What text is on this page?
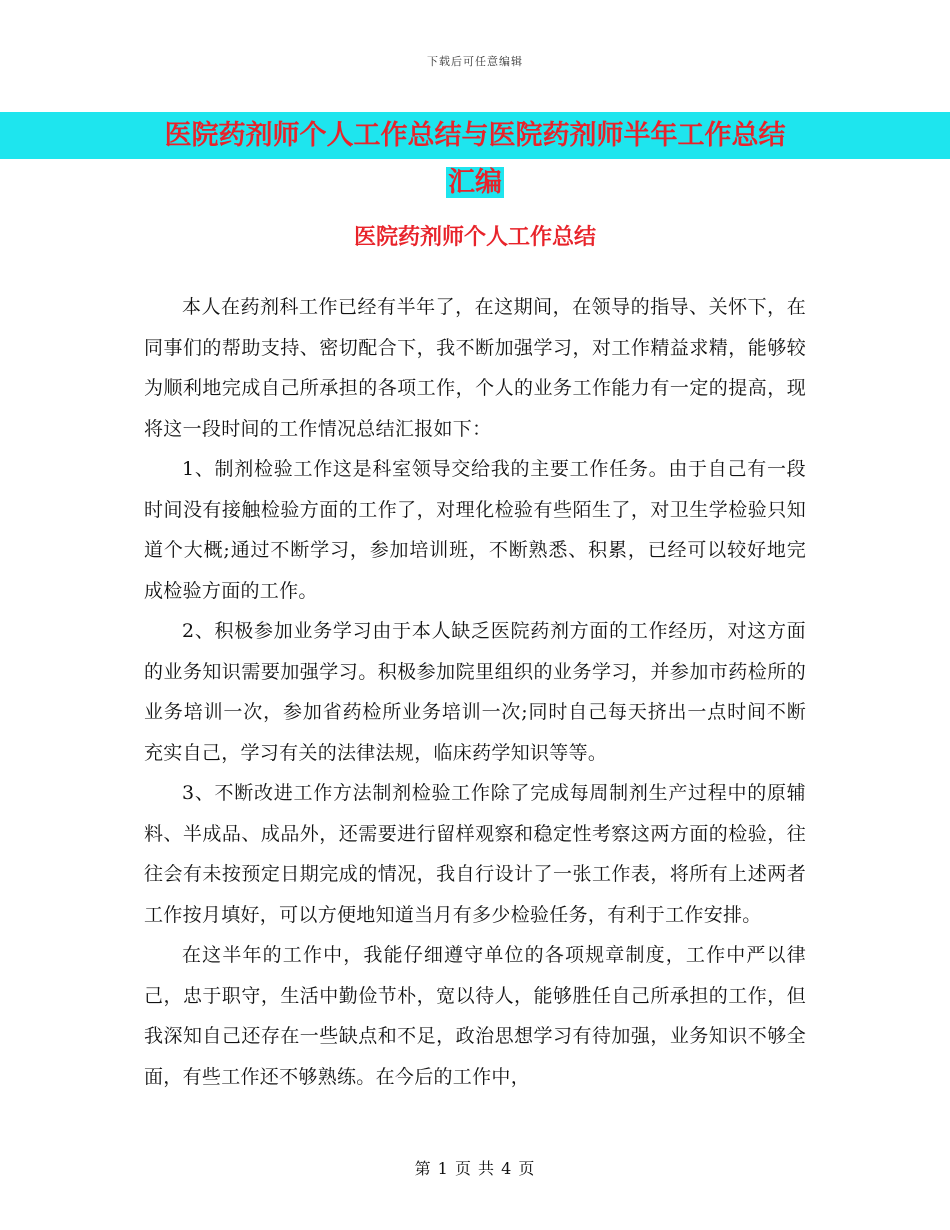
下载后可任意编辑
医院药剂师个人工作总结与医院药剂师半年工作总结
汇编
医院药剂师个人工作总结

本人在药剂科工作已经有半年了，在这期间，在领导的指导、关怀下，在同事们的帮助支持、密切配合下，我不断加强学习，对工作精益求精，能够较为顺利地完成自己所承担的各项工作，个人的业务工作能力有一定的提高，现将这一段时间的工作情况总结汇报如下：

1、制剂检验工作这是科室领导交给我的主要工作任务。由于自己有一段时间没有接触检验方面的工作了，对理化检验有些陌生了，对卫生学检验只知道个大概;通过不断学习，参加培训班，不断熟悉、积累，已经可以较好地完成检验方面的工作。

2、积极参加业务学习由于本人缺乏医院药剂方面的工作经历，对这方面的业务知识需要加强学习。积极参加院里组织的业务学习，并参加市药检所的业务培训一次，参加省药检所业务培训一次;同时自己每天挤出一点时间不断充实自己，学习有关的法律法规，临床药学知识等等。

3、不断改进工作方法制剂检验工作除了完成每周制剂生产过程中的原辅料、半成品、成品外，还需要进行留样观察和稳定性考察这两方面的检验，往往会有未按预定日期完成的情况，我自行设计了一张工作表，将所有上述两者工作按月填好，可以方便地知道当月有多少检验任务，有利于工作安排。

在这半年的工作中，我能仔细遵守单位的各项规章制度，工作中严以律己，忠于职守，生活中勤俭节朴，宽以待人，能够胜任自己所承担的工作，但我深知自己还存在一些缺点和不足，政治思想学习有待加强，业务知识不够全面，有些工作还不够熟练。在今后的工作中，

第 1 页 共 4 页
